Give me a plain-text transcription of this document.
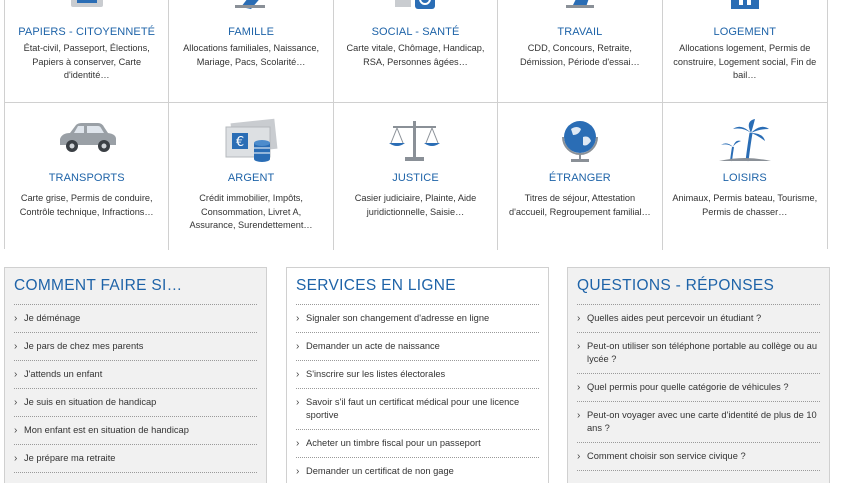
PAPIERS - CITOYENNETÉ
État-civil, Passeport, Élections, Papiers à conserver, Carte d'identité…
FAMILLE
Allocations familiales, Naissance, Mariage, Pacs, Scolarité…
SOCIAL - SANTÉ
Carte vitale, Chômage, Handicap, RSA, Personnes âgées…
TRAVAIL
CDD, Concours, Retraite, Démission, Période d'essai…
LOGEMENT
Allocations logement, Permis de construire, Logement social, Fin de bail…
TRANSPORTS
Carte grise, Permis de conduire, Contrôle technique, Infractions…
€
ARGENT
Crédit immobilier, Impôts, Consommation, Livret A, Assurance, Surendettement…
JUSTICE
Casier judiciaire, Plainte, Aide juridictionnelle, Saisie…
ÉTRANGER
Titres de séjour, Attestation d'accueil, Regroupement familial…
LOISIRS
Animaux, Permis bateau, Tourisme, Permis de chasser…
COMMENT FAIRE SI…
› Je déménage
› Je pars de chez mes parents
› J'attends un enfant
› Je suis en situation de handicap
› Mon enfant est en situation de handicap
› Je prépare ma retraite
SERVICES EN LIGNE
› Signaler son changement d'adresse en ligne
› Demander un acte de naissance
› S'inscrire sur les listes électorales
› Savoir s'il faut un certificat médical pour une licence sportive
› Acheter un timbre fiscal pour un passeport
› Demander un certificat de non gage
QUESTIONS - RÉPONSES
› Quelles aides peut percevoir un étudiant ?
› Peut-on utiliser son téléphone portable au collège ou au lycée ?
› Quel permis pour quelle catégorie de véhicules ?
› Peut-on voyager avec une carte d'identité de plus de 10 ans ?
› Comment choisir son service civique ?
